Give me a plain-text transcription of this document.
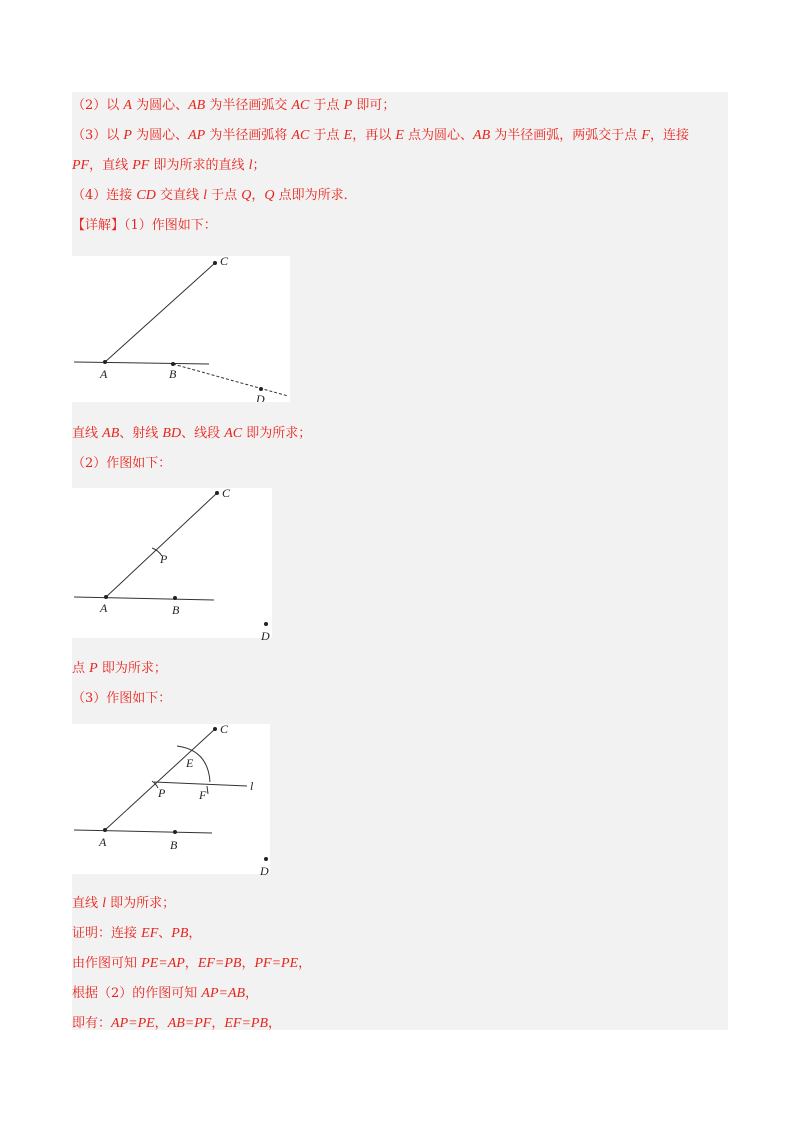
（2）以 A 为圆心、AB 为半径画弧交 AC 于点 P 即可；
（3）以 P 为圆心、AP 为半径画弧将 AC 于点 E，再以 E 点为圆心、AB 为半径画弧，两弧交于点 F，连接
PF，直线 PF 即为所求的直线 l；
（4）连接 CD 交直线 l 于点 Q，Q 点即为所求．
【详解】（1）作图如下：
C
A	B
D
直线 AB、射线 BD、线段 AC 即为所求；
（2）作图如下：
C
P
A	B
D
点 P 即为所求；
（3）作图如下：
C
E
P	F
l
A	B
D
直线 l 即为所求；
证明：连接 EF、PB，
由作图可知 PE=AP，EF=PB，PF=PE，
根据（2）的作图可知 AP=AB，
即有：AP=PE，AB=PF，EF=PB，
